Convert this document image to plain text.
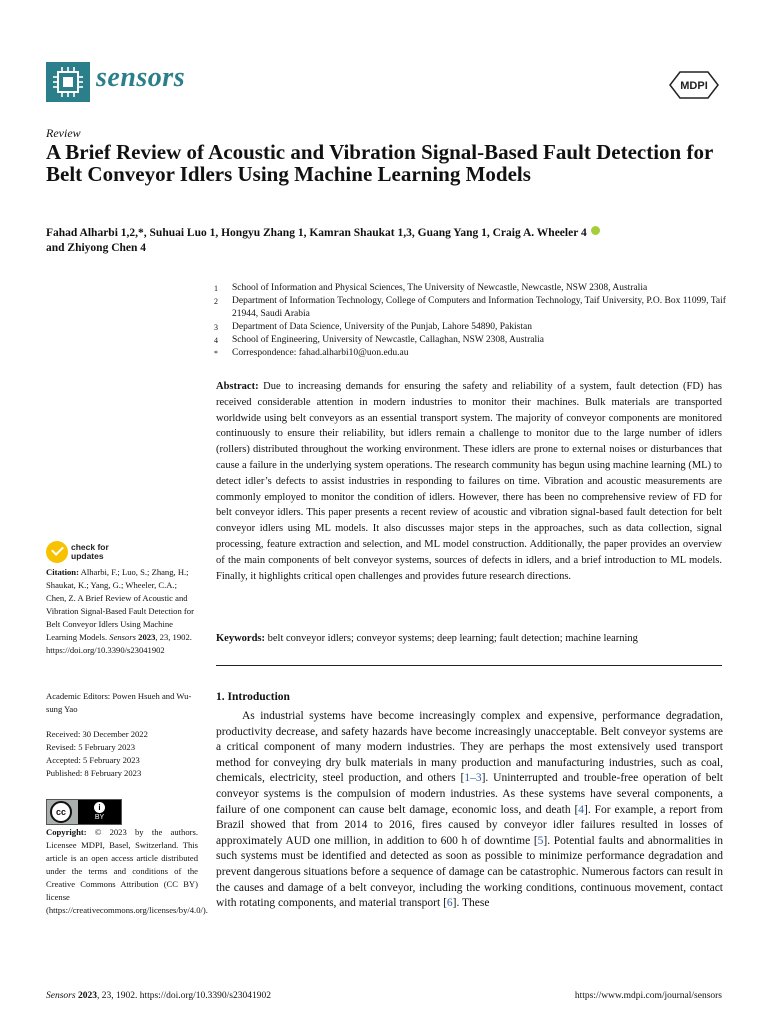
sensors	MDPI
Review
A Brief Review of Acoustic and Vibration Signal-Based Fault Detection for Belt Conveyor Idlers Using Machine Learning Models
Fahad Alharbi 1,2,*, Suhuai Luo 1, Hongyu Zhang 1, Kamran Shaukat 1,3, Guang Yang 1, Craig A. Wheeler 4
and Zhiyong Chen 4
1	School of Information and Physical Sciences, The University of Newcastle, Newcastle, NSW 2308, Australia
2	Department of Information Technology, College of Computers and Information Technology, Taif University, P.O. Box 11099, Taif 21944, Saudi Arabia
3	Department of Data Science, University of the Punjab, Lahore 54890, Pakistan
4	School of Engineering, University of Newcastle, Callaghan, NSW 2308, Australia
*	Correspondence: fahad.alharbi10@uon.edu.au
Abstract: Due to increasing demands for ensuring the safety and reliability of a system, fault detection (FD) has received considerable attention in modern industries to monitor their machines. Bulk materials are transported worldwide using belt conveyors as an essential transport system. The majority of conveyor components are monitored continuously to ensure their reliability, but idlers remain a challenge to monitor due to the large number of idlers (rollers) distributed throughout the working environment. These idlers are prone to external noises or disturbances that cause a failure in the underlying system operations. The research community has begun using machine learning (ML) to detect idler’s defects to assist industries in responding to failures on time. Vibration and acoustic measurements are commonly employed to monitor the condition of idlers. However, there has been no comprehensive review of FD for belt conveyor idlers. This paper presents a recent review of acoustic and vibration signal-based fault detection for belt conveyor idlers using ML models. It also discusses major steps in the approaches, such as data collection, signal processing, feature extraction and selection, and ML model construction. Additionally, the paper provides an overview of the main components of belt conveyor systems, sources of defects in idlers, and a brief introduction to ML models. Finally, it highlights critical open challenges and provides future research directions.
Keywords: belt conveyor idlers; conveyor systems; deep learning; fault detection; machine learning
1. Introduction
As industrial systems have become increasingly complex and expensive, performance degradation, productivity decrease, and safety hazards have become increasingly unacceptable. Belt conveyor systems are a critical component of many modern industries. They are perhaps the most extensively used transport method for conveying dry bulk materials in many production and manufacturing industries, such as coal, chemicals, electricity, steel production, and others [1–3]. Uninterrupted and trouble-free operation of belt conveyor systems is the compulsion of modern industries. As these systems have several components, a failure of one component can cause belt damage, economic loss, and death [4]. For example, a report from Brazil showed that from 2014 to 2016, fires caused by conveyor idler failures resulted in losses of approximately AUD one million, in addition to 600 h of downtime [5]. Potential faults and abnormalities in such systems must be identified and detected as soon as possible to minimize performance degradation and prevent dangerous situations before a sequence of damage can be catastrophic. Numerous factors can result in the causes and damage of a belt conveyor, including the working conditions, continuous movement, contact with rotating components, and material transport [6]. These
check for
updates
Citation: Alharbi, F.; Luo, S.; Zhang, H.; Shaukat, K.; Yang, G.; Wheeler, C.A.; Chen, Z. A Brief Review of Acoustic and Vibration Signal-Based Fault Detection for Belt Conveyor Idlers Using Machine Learning Models. Sensors 2023, 23, 1902. https://doi.org/10.3390/s23041902
Academic Editors: Powen Hsueh and Wu-sung Yao
Received: 30 December 2022
Revised: 5 February 2023
Accepted: 5 February 2023
Published: 8 February 2023
cc	i
BY
Copyright: © 2023 by the authors. Licensee MDPI, Basel, Switzerland. This article is an open access article distributed under the terms and conditions of the Creative Commons Attribution (CC BY) license (https://creativecommons.org/licenses/by/4.0/).
Sensors 2023, 23, 1902. https://doi.org/10.3390/s23041902	https://www.mdpi.com/journal/sensors
